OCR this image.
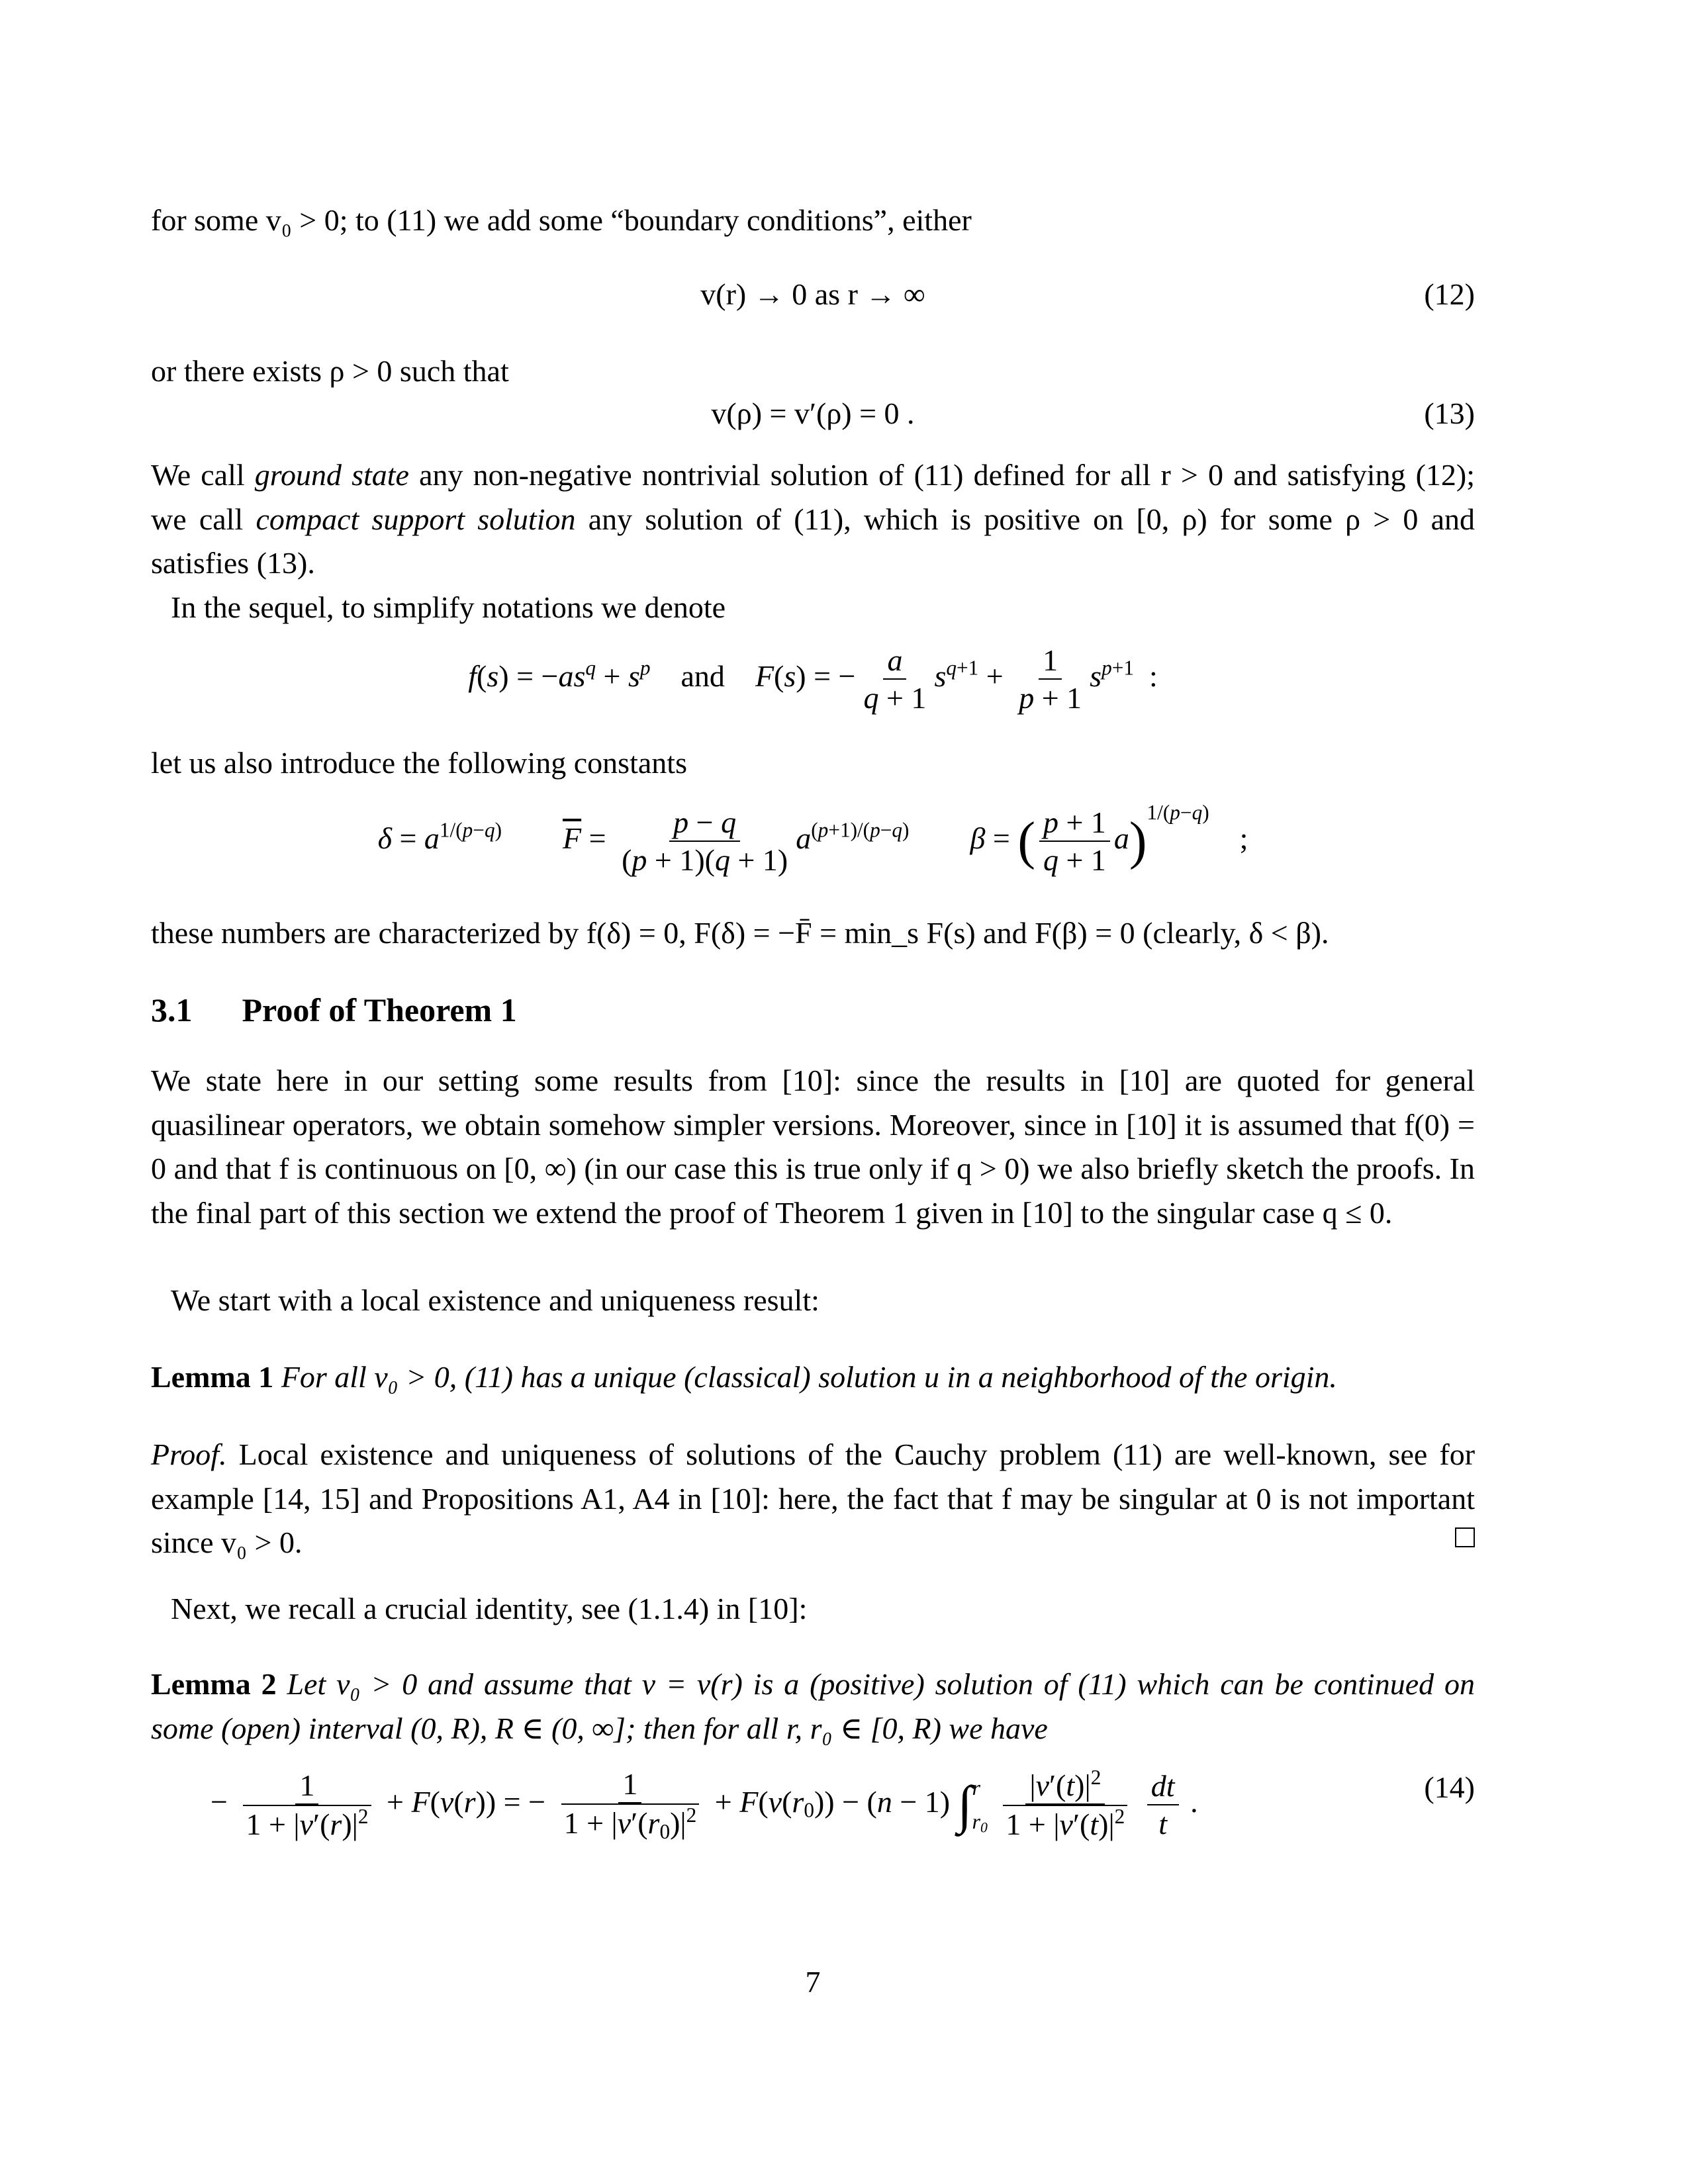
for some v₀ > 0; to (11) we add some “boundary conditions”, either
v(r) → 0 as r → ∞	(12)
or there exists ρ > 0 such that
v(ρ) = v′(ρ) = 0 .	(13)
We call ground state any non-negative nontrivial solution of (11) defined for all r > 0 and satisfying (12); we call compact support solution any solution of (11), which is positive on [0, ρ) for some ρ > 0 and satisfies (13).
In the sequel, to simplify notations we denote
$f(s) = -as^q + s^p$ and F(s) = − $\frac{a}{q + 1} s^{q+1} + \frac{1}{p + 1} s^{p+1}$  :
let us also introduce the following constants
$\delta = a^{1/(p-q)}$ $\overline{F} = \frac{p - q}{(p + 1)(q + 1)} a^{(p+1)/(p-q)}$ β = ( $\frac{p + 1}{q + 1} a)^{1/(p-q)}$    ;
these numbers are characterized by f(δ) = 0, F(δ) = −F̄ = min_s F(s) and F(β) = 0 (clearly, δ < β).
3.1 Proof of Theorem 1
We state here in our setting some results from [10]: since the results in [10] are quoted for general quasilinear operators, we obtain somehow simpler versions. Moreover, since in [10] it is assumed that f(0) = 0 and that f is continuous on [0, ∞) (in our case this is true only if q > 0) we also briefly sketch the proofs. In the final part of this section we extend the proof of Theorem 1 given in [10] to the singular case q ≤ 0.
We start with a local existence and uniqueness result:
Lemma 1 For all v₀ > 0, (11) has a unique (classical) solution u in a neighborhood of the origin.
Proof. Local existence and uniqueness of solutions of the Cauchy problem (11) are well-known, see for example [14, 15] and Propositions A1, A4 in [10]: here, the fact that f may be singular at 0 is not important since v₀ > 0.
Next, we recall a crucial identity, see (1.1.4) in [10]:
Lemma 2 Let v₀ > 0 and assume that v = v(r) is a (positive) solution of (11) which can be continued on some (open) interval (0, R), R ∈ (0, ∞]; then for all r, r₀ ∈ [0, R) we have
− $\frac{1}{1 + |v'(r)|^2} + F(v(r))$ = − $\frac{1}{1 + |v'(r_0)|^2} + F(v(r_0)) - (n - 1)$ ∫ r
$r_0$
$\frac{|v'(t)|^2}{1 + |v'(t)|^2}$
$\frac{dt}{t}$ .	(14)
7
